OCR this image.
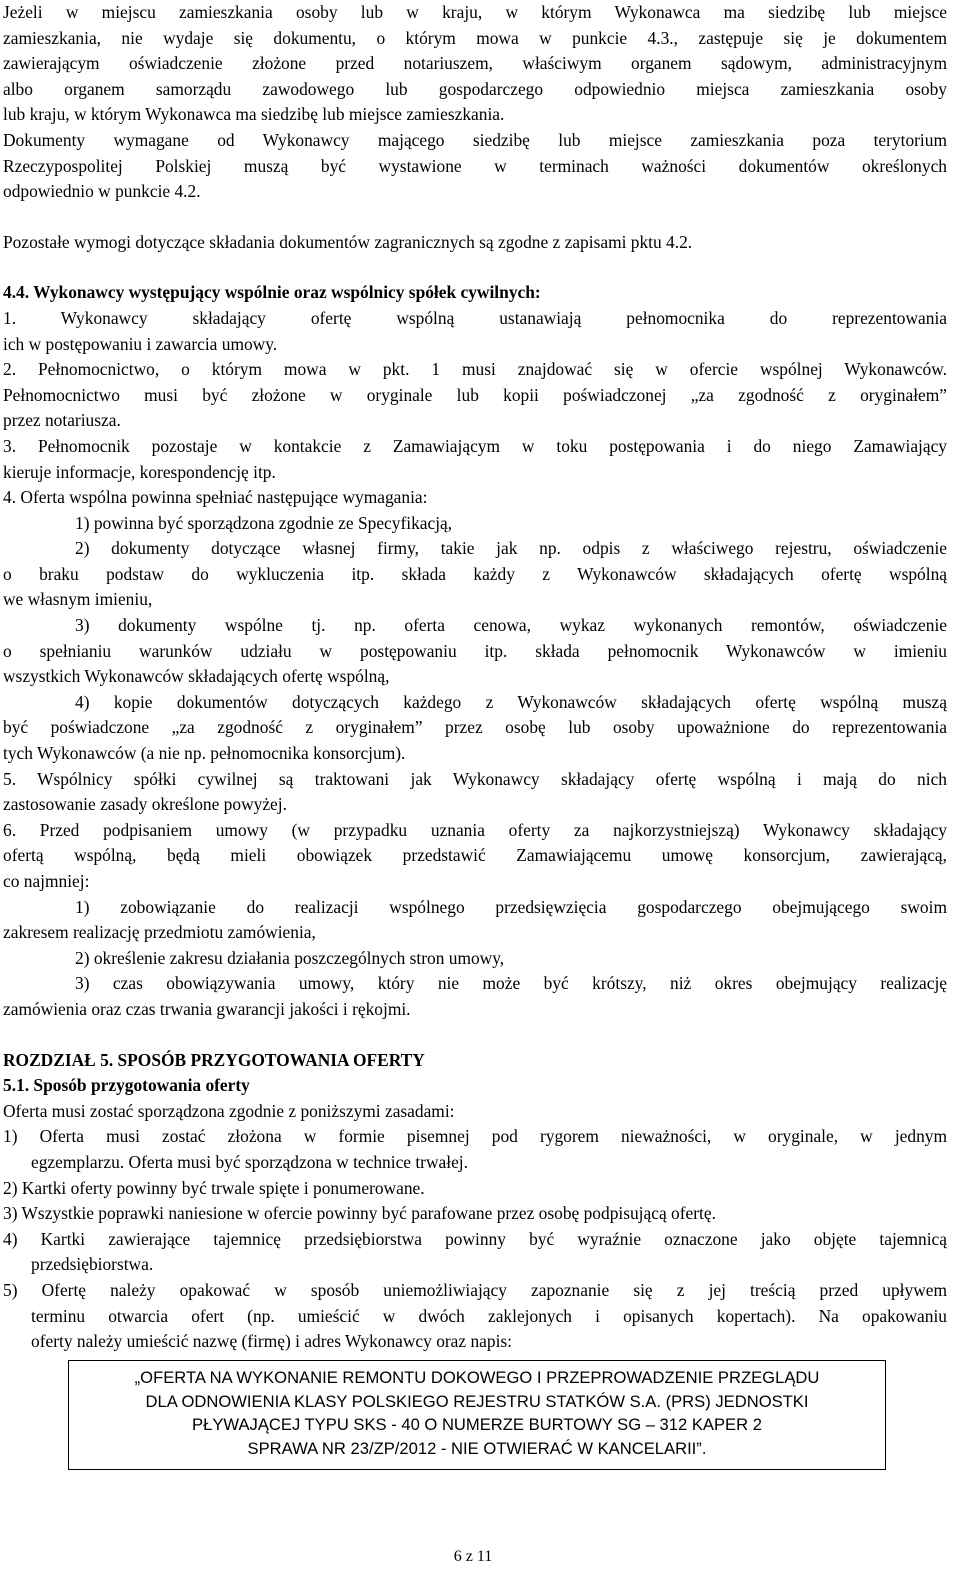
Jeżeli w miejscu zamieszkania osoby lub w kraju, w którym Wykonawca ma siedzibę lub miejsce
zamieszkania, nie wydaje się dokumentu, o którym mowa w punkcie 4.3., zastępuje się je dokumentem
zawierającym oświadczenie złożone przed notariuszem, właściwym organem sądowym, administracyjnym
albo organem samorządu zawodowego lub gospodarczego odpowiednio miejsca zamieszkania osoby
lub kraju, w którym Wykonawca ma siedzibę lub miejsce zamieszkania.
Dokumenty wymagane od Wykonawcy mającego siedzibę lub miejsce zamieszkania poza terytorium
Rzeczypospolitej Polskiej muszą być wystawione w terminach ważności dokumentów określonych
odpowiednio w punkcie 4.2.
Pozostałe wymogi dotyczące składania dokumentów zagranicznych są zgodne z zapisami pktu 4.2.
4.4. Wykonawcy występujący wspólnie oraz wspólnicy spółek cywilnych:
1. Wykonawcy składający ofertę wspólną ustanawiają pełnomocnika do reprezentowania
ich w postępowaniu i zawarcia umowy.
2. Pełnomocnictwo, o którym mowa w pkt. 1 musi znajdować się w ofercie wspólnej Wykonawców.
Pełnomocnictwo musi być złożone w oryginale lub kopii poświadczonej „za zgodność z oryginałem”
przez notariusza.
3. Pełnomocnik pozostaje w kontakcie z Zamawiającym w toku postępowania i do niego Zamawiający
kieruje informacje, korespondencję itp.
4. Oferta wspólna powinna spełniać następujące wymagania:
1) powinna być sporządzona zgodnie ze Specyfikacją,
2) dokumenty dotyczące własnej firmy, takie jak np. odpis z właściwego rejestru, oświadczenie
o braku podstaw do wykluczenia itp. składa każdy z Wykonawców składających ofertę wspólną
we własnym imieniu,
3) dokumenty wspólne tj. np. oferta cenowa, wykaz wykonanych remontów, oświadczenie
o spełnianiu warunków udziału w postępowaniu itp. składa pełnomocnik Wykonawców w imieniu
wszystkich Wykonawców składających ofertę wspólną,
4) kopie dokumentów dotyczących każdego z Wykonawców składających ofertę wspólną muszą
być poświadczone „za zgodność z oryginałem” przez osobę lub osoby upoważnione do reprezentowania
tych Wykonawców (a nie np. pełnomocnika konsorcjum).
5. Wspólnicy spółki cywilnej są traktowani jak Wykonawcy składający ofertę wspólną i mają do nich
zastosowanie zasady określone powyżej.
6. Przed podpisaniem umowy (w przypadku uznania oferty za najkorzystniejszą) Wykonawcy składający
ofertą wspólną, będą mieli obowiązek przedstawić Zamawiającemu umowę konsorcjum, zawierającą,
co najmniej:
1) zobowiązanie do realizacji wspólnego przedsięwzięcia gospodarczego obejmującego swoim
zakresem realizację przedmiotu zamówienia,
2) określenie zakresu działania poszczególnych stron umowy,
3) czas obowiązywania umowy, który nie może być krótszy, niż okres obejmujący realizację
zamówienia oraz czas trwania gwarancji jakości i rękojmi.
ROZDZIAŁ 5. SPOSÓB PRZYGOTOWANIA OFERTY
5.1. Sposób przygotowania oferty
Oferta musi zostać sporządzona zgodnie z poniższymi zasadami:
1) Oferta musi zostać złożona w formie pisemnej pod rygorem nieważności, w oryginale, w jednym
egzemplarzu. Oferta musi być sporządzona w technice trwałej.
2) Kartki oferty powinny być trwale spięte i ponumerowane.
3) Wszystkie poprawki naniesione w ofercie powinny być parafowane przez osobę podpisującą ofertę.
4) Kartki zawierające tajemnicę przedsiębiorstwa powinny być wyraźnie oznaczone jako objęte tajemnicą
przedsiębiorstwa.
5) Ofertę należy opakować w sposób uniemożliwiający zapoznanie się z jej treścią przed upływem
terminu otwarcia ofert (np. umieścić w dwóch zaklejonych i opisanych kopertach). Na opakowaniu
oferty należy umieścić nazwę (firmę) i adres Wykonawcy oraz napis:
„OFERTA NA WYKONANIE REMONTU DOKOWEGO I PRZEPROWADZENIE PRZEGLĄDU
DLA ODNOWIENIA KLASY POLSKIEGO REJESTRU STATKÓW S.A. (PRS) JEDNOSTKI
PŁYWAJĄCEJ TYPU SKS - 40 O NUMERZE BURTOWY SG – 312 KAPER 2
SPRAWA NR 23/ZP/2012 - NIE OTWIERAĆ W KANCELARII”.
6 z 11
